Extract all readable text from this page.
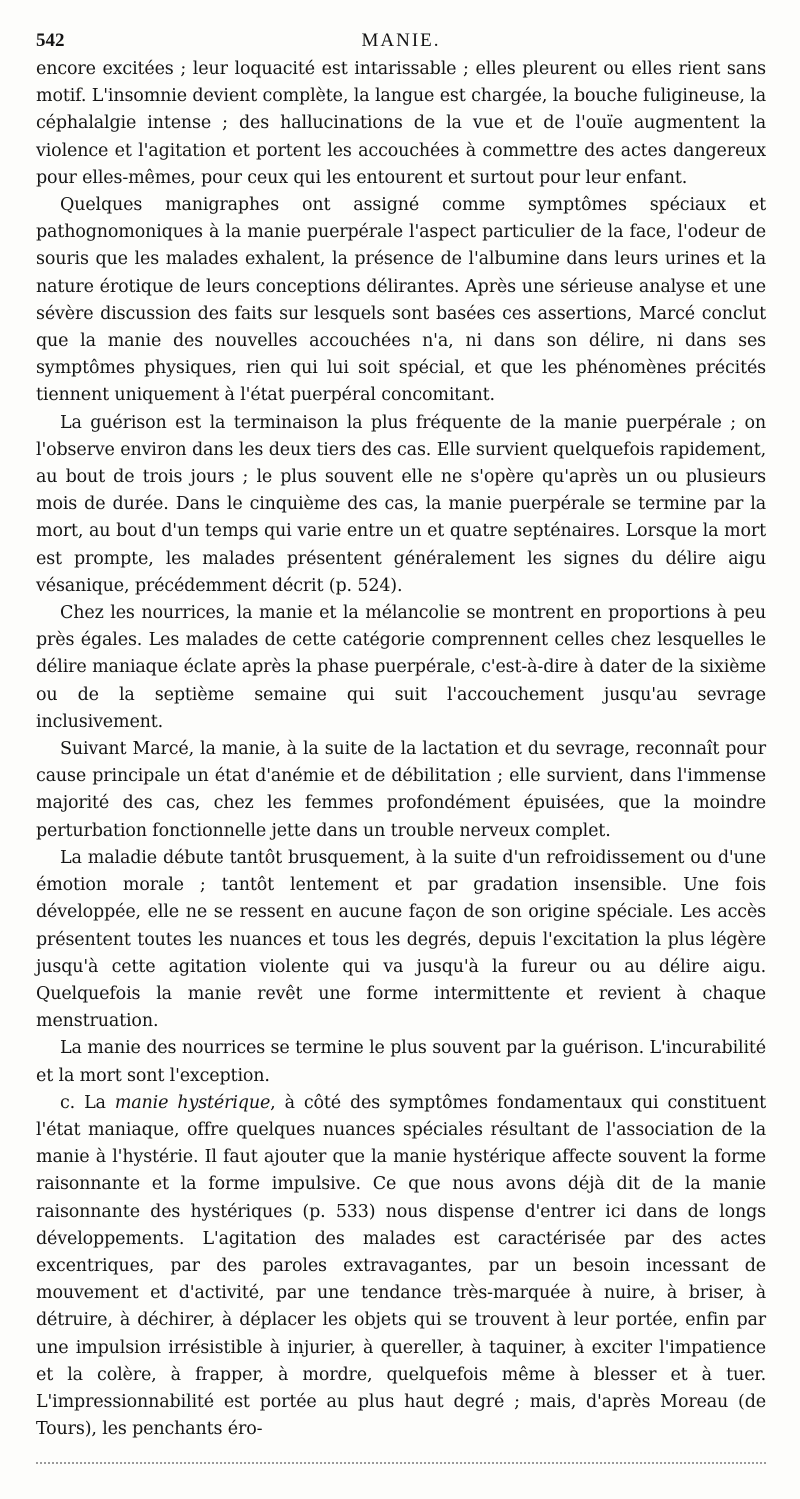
542	MANIE.

encore excitées ; leur loquacité est intarissable ; elles pleurent ou elles rient sans motif. L'insomnie devient complète, la langue est chargée, la bouche fuligineuse, la céphalalgie intense ; des hallucinations de la vue et de l'ouïe augmentent la violence et l'agitation et portent les accouchées à commettre des actes dangereux pour elles-mêmes, pour ceux qui les entourent et surtout pour leur enfant.

Quelques manigraphes ont assigné comme symptômes spéciaux et pathognomoniques à la manie puerpérale l'aspect particulier de la face, l'odeur de souris que les malades exhalent, la présence de l'albumine dans leurs urines et la nature érotique de leurs conceptions délirantes. Après une sérieuse analyse et une sévère discussion des faits sur lesquels sont basées ces assertions, Marcé conclut que la manie des nouvelles accouchées n'a, ni dans son délire, ni dans ses symptômes physiques, rien qui lui soit spécial, et que les phénomènes précités tiennent uniquement à l'état puerpéral concomitant.

La guérison est la terminaison la plus fréquente de la manie puerpérale ; on l'observe environ dans les deux tiers des cas. Elle survient quelquefois rapidement, au bout de trois jours ; le plus souvent elle ne s'opère qu'après un ou plusieurs mois de durée. Dans le cinquième des cas, la manie puerpérale se termine par la mort, au bout d'un temps qui varie entre un et quatre septénaires. Lorsque la mort est prompte, les malades présentent généralement les signes du délire aigu vésanique, précédemment décrit (p. 524).

Chez les nourrices, la manie et la mélancolie se montrent en proportions à peu près égales. Les malades de cette catégorie comprennent celles chez lesquelles le délire maniaque éclate après la phase puerpérale, c'est-à-dire à dater de la sixième ou de la septième semaine qui suit l'accouchement jusqu'au sevrage inclusivement.

Suivant Marcé, la manie, à la suite de la lactation et du sevrage, reconnaît pour cause principale un état d'anémie et de débilitation ; elle survient, dans l'immense majorité des cas, chez les femmes profondément épuisées, que la moindre perturbation fonctionnelle jette dans un trouble nerveux complet.

La maladie débute tantôt brusquement, à la suite d'un refroidissement ou d'une émotion morale ; tantôt lentement et par gradation insensible. Une fois développée, elle ne se ressent en aucune façon de son origine spéciale. Les accès présentent toutes les nuances et tous les degrés, depuis l'excitation la plus légère jusqu'à cette agitation violente qui va jusqu'à la fureur ou au délire aigu. Quelquefois la manie revêt une forme intermittente et revient à chaque menstruation.

La manie des nourrices se termine le plus souvent par la guérison. L'incurabilité et la mort sont l'exception.

c. La manie hystérique, à côté des symptômes fondamentaux qui constituent l'état maniaque, offre quelques nuances spéciales résultant de l'association de la manie à l'hystérie. Il faut ajouter que la manie hystérique affecte souvent la forme raisonnante et la forme impulsive. Ce que nous avons déjà dit de la manie raisonnante des hystériques (p. 533) nous dispense d'entrer ici dans de longs développements. L'agitation des malades est caractérisée par des actes excentriques, par des paroles extravagantes, par un besoin incessant de mouvement et d'activité, par une tendance très-marquée à nuire, à briser, à détruire, à déchirer, à déplacer les objets qui se trouvent à leur portée, enfin par une impulsion irrésistible à injurier, à quereller, à taquiner, à exciter l'impatience et la colère, à frapper, à mordre, quelquefois même à blesser et à tuer. L'impressionnabilité est portée au plus haut degré ; mais, d'après Moreau (de Tours), les penchants éro-
